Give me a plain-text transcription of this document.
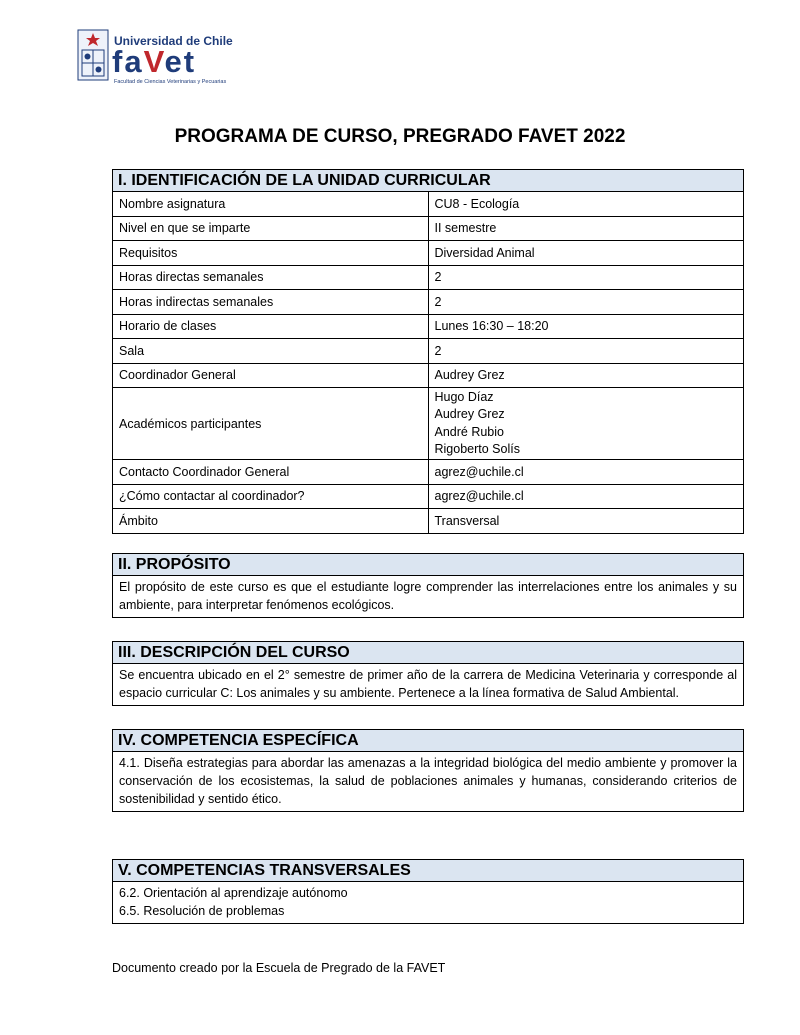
Universidad de Chile
faVet
Facultad de Ciencias Veterinarias y Pecuarias
PROGRAMA DE CURSO, PREGRADO FAVET 2022
I. IDENTIFICACIÓN DE LA UNIDAD CURRICULAR	
Nombre asignatura	CU8 - Ecología
Nivel en que se imparte	II semestre
Requisitos	Diversidad Animal
Horas directas semanales	2
Horas indirectas semanales	2
Horario de clases	Lunes 16:30 – 18:20
Sala	2
Coordinador General	Audrey Grez
Académicos participantes	Hugo Díaz
Audrey Grez
André Rubio
Rigoberto Solís

Contacto Coordinador General	agrez@uchile.cl
¿Cómo contactar al coordinador?	agrez@uchile.cl
Ámbito	Transversal
II. PROPÓSITO
El propósito de este curso es que el estudiante logre comprender las interrelaciones entre los animales y su ambiente, para interpretar fenómenos ecológicos.
III. DESCRIPCIÓN DEL CURSO
Se encuentra ubicado en el 2° semestre de primer año de la carrera de Medicina Veterinaria y corresponde al espacio curricular C: Los animales y su ambiente. Pertenece a la línea formativa de Salud Ambiental.
IV. COMPETENCIA ESPECÍFICA
4.1. Diseña estrategias para abordar las amenazas a la integridad biológica del medio ambiente y promover la conservación de los ecosistemas, la salud de poblaciones animales y humanas, considerando criterios de sostenibilidad y sentido ético.
V. COMPETENCIAS TRANSVERSALES

6.2. Orientación al aprendizaje autónomo
6.5. Resolución de problemas
Documento creado por la Escuela de Pregrado de la FAVET
